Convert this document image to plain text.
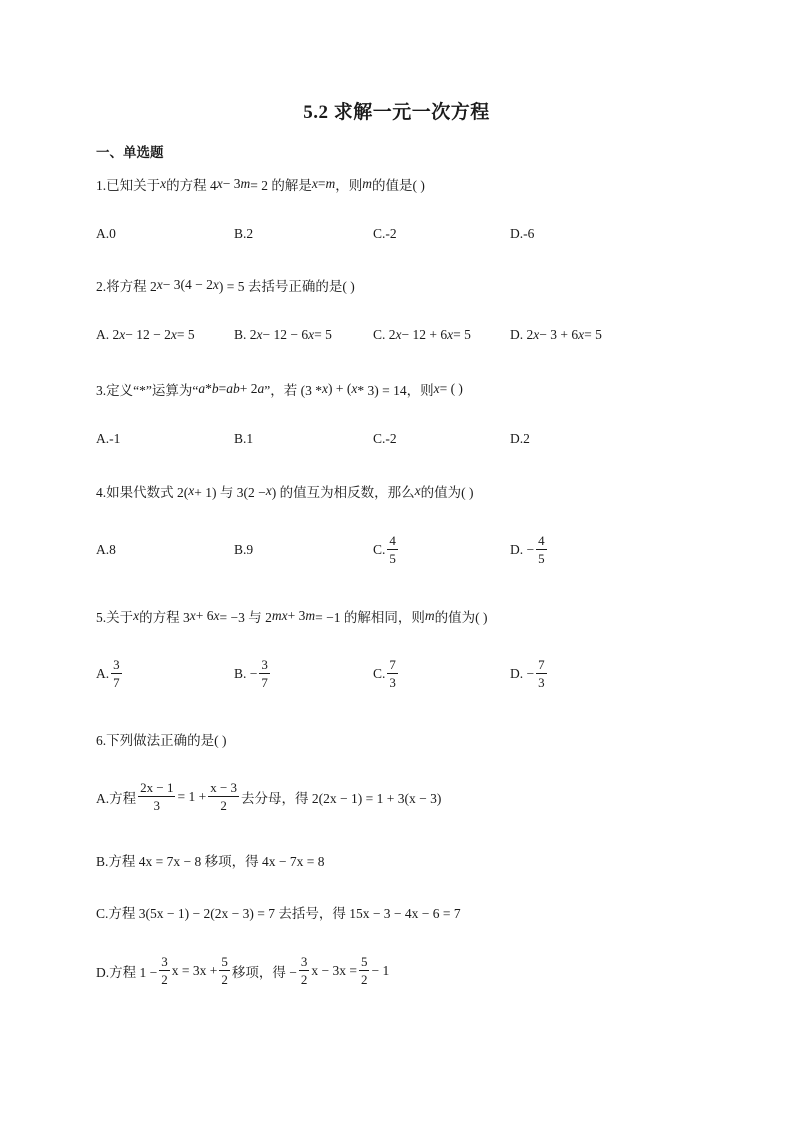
5.2 求解一元一次方程
一、单选题
1.已知关于 x 的方程 4 x − 3 m = 2 的解是 x = m ，则 m 的值是( )
A.0	B.2	C.-2	D.-6
2.将方程 2 x − 3(4 − 2 x ) = 5 去括号正确的是( )
A. 2 x − 12 − 2 x = 5	B. 2 x − 12 − 6 x = 5	C. 2 x − 12 + 6 x = 5	D. 2 x − 3 + 6 x = 5
3.定义“*”运算为“ a * b = ab + 2 a ”，若 (3 * x ) + ( x * 3) = 14，则 x = ( )
A.-1	B.1	C.-2	D.2
4.如果代数式 2( x + 1) 与 3(2 − x ) 的值互为相反数，那么 x 的值为( )
A.8	B.9	C. $\frac{4}{5}$	D. − $\frac{4}{5}$
5.关于 x 的方程 3 x + 6 x = −3 与 2 mx + 3 m = −1 的解相同，则 m 的值为( )
A. $\frac{3}{7}$	B. − $\frac{3}{7}$	C. $\frac{7}{3}$	D. − $\frac{7}{3}$
6.下列做法正确的是( )
A.方程 $\frac{2x - 1}{3} = 1 + \frac{x - 3}{2}$ 去分母，得 2(2x − 1) = 1 + 3(x − 3)
B.方程 4x = 7x − 8 移项，得 4x − 7x = 8
C.方程 3(5x − 1) − 2(2x − 3) = 7 去括号，得 15x − 3 − 4x − 6 = 7
D.方程 $1 - \frac{3}{2}$ $x = 3x + \frac{5}{2}$ 移项，得 − $\frac{3}{2}$ $x - 3x = \frac{5}{2} - 1$
